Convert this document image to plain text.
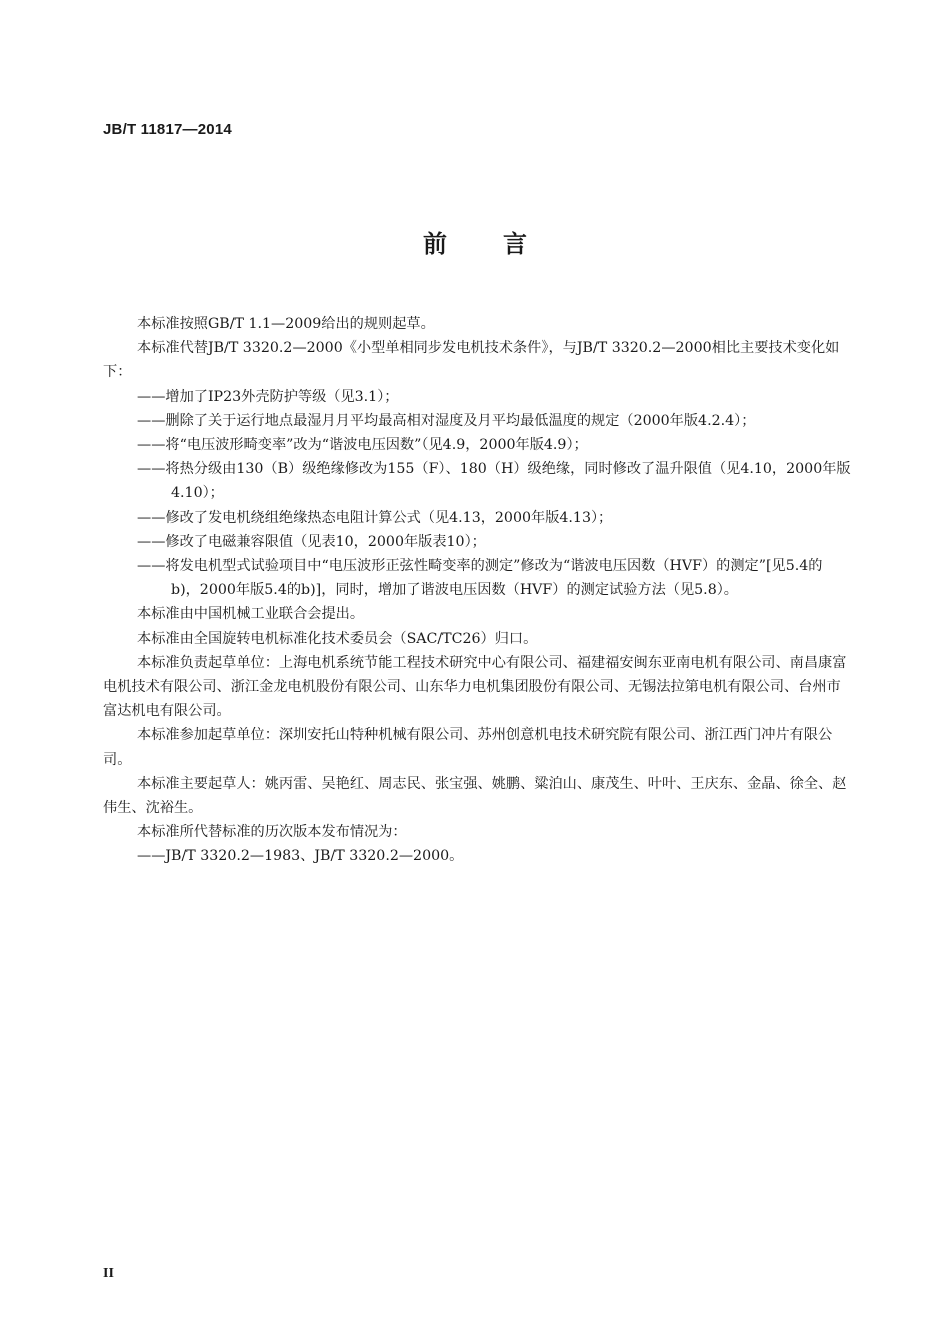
JB/T 11817—2014
前言

本标准按照GB/T 1.1—2009给出的规则起草。

本标准代替JB/T 3320.2—2000《小型单相同步发电机技术条件》，与JB/T 3320.2—2000相比主要技术变化如下：

——增加了IP23外壳防护等级（见3.1）；

——删除了关于运行地点最湿月月平均最高相对湿度及月平均最低温度的规定（2000年版4.2.4）；

——将“电压波形畸变率”改为“谐波电压因数”（见4.9，2000年版4.9）；

——将热分级由130（B）级绝缘修改为155（F）、180（H）级绝缘，同时修改了温升限值（见4.10，2000年版4.10）；

——修改了发电机绕组绝缘热态电阻计算公式（见4.13，2000年版4.13）；

——修改了电磁兼容限值（见表10，2000年版表10）；

——将发电机型式试验项目中“电压波形正弦性畸变率的测定”修改为“谐波电压因数（HVF）的测定”[见5.4的b)，2000年版5.4的b)]，同时，增加了谐波电压因数（HVF）的测定试验方法（见5.8）。

本标准由中国机械工业联合会提出。

本标准由全国旋转电机标准化技术委员会（SAC/TC26）归口。

本标准负责起草单位：上海电机系统节能工程技术研究中心有限公司、福建福安闽东亚南电机有限公司、南昌康富电机技术有限公司、浙江金龙电机股份有限公司、山东华力电机集团股份有限公司、无锡法拉第电机有限公司、台州市富达机电有限公司。

本标准参加起草单位：深圳安托山特种机械有限公司、苏州创意机电技术研究院有限公司、浙江西门冲片有限公司。

本标准主要起草人：姚丙雷、吴艳红、周志民、张宝强、姚鹏、粱泊山、康茂生、叶叶、王庆东、金晶、徐全、赵伟生、沈裕生。

本标准所代替标准的历次版本发布情况为：

——JB/T 3320.2—1983、JB/T 3320.2—2000。

II
